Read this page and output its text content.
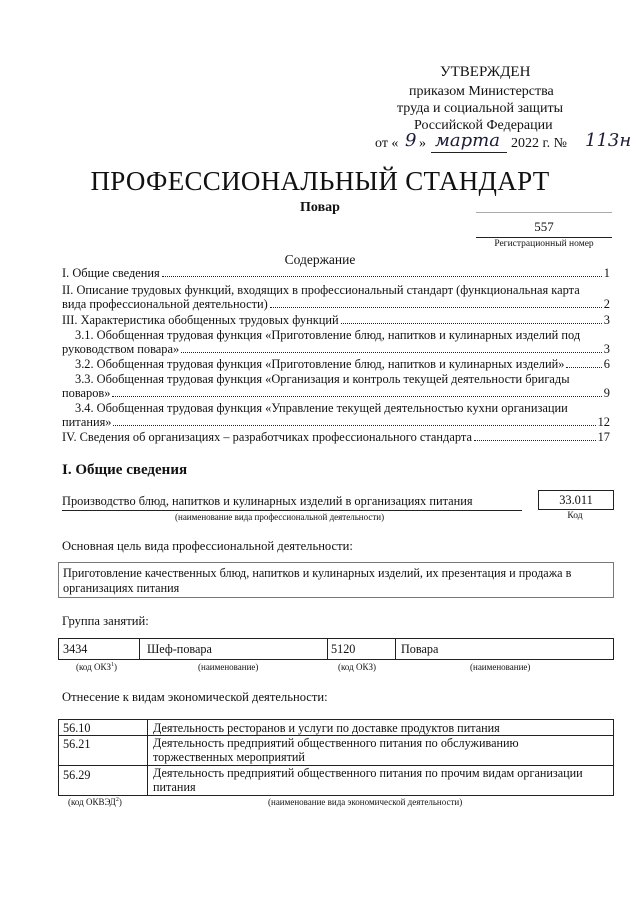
УТВЕРЖДЕН
приказом Министерства
труда и социальной защиты
Российской Федерации
от « 9 » марта 2022 г. № 113н
ПРОФЕССИОНАЛЬНЫЙ СТАНДАРТ
Повар
557
Регистрационный номер
Содержание
I. Общие сведения	1
II. Описание трудовых функций, входящих в профессиональный стандарт (функциональная карта
вида профессиональной деятельности)	2
III. Характеристика обобщенных трудовых функций	3
3.1. Обобщенная трудовая функция «Приготовление блюд, напитков и кулинарных изделий под
руководством повара»	3
3.2. Обобщенная трудовая функция «Приготовление блюд, напитков и кулинарных изделий»	6
3.3. Обобщенная трудовая функция «Организация и контроль текущей деятельности бригады
поваров»	9
3.4. Обобщенная трудовая функция «Управление текущей деятельностью кухни организации
питания»	12
IV. Сведения об организациях – разработчиках профессионального стандарта	17
I. Общие сведения
Производство блюд, напитков и кулинарных изделий в организациях питания
(наименование вида профессиональной деятельности)
33.011
Код
Основная цель вида профессиональной деятельности:
Приготовление качественных блюд, напитков и кулинарных изделий, их презентация и продажа в
организациях питания
Группа занятий:
3434	Шеф-повара	5120	Повара
(код ОКЗ$^1$)	(наименование)	(код ОКЗ)	(наименование)
Отнесение к видам экономической деятельности:
56.10	Деятельность ресторанов и услуги по доставке продуктов питания
56.21	Деятельность предприятий общественного питания по обслуживанию
торжественных мероприятий
56.29	Деятельность предприятий общественного питания по прочим видам организации
питания
(код ОКВЭД$^2$)	(наименование вида экономической деятельности)
